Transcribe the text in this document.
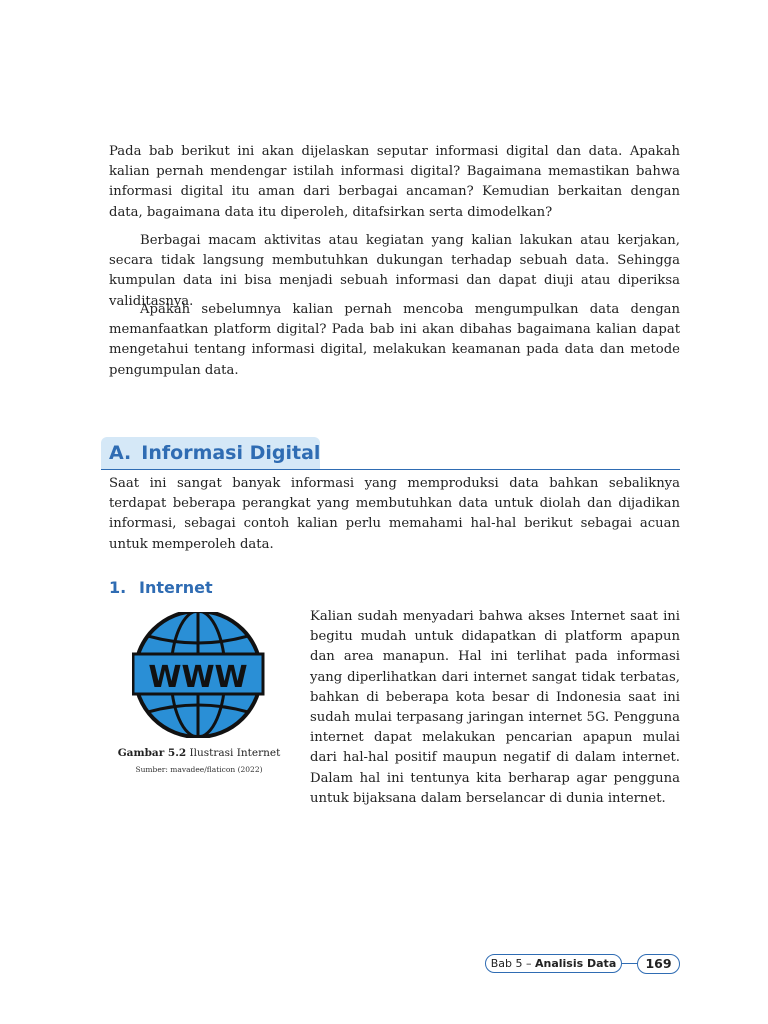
Pada bab berikut ini akan dijelaskan seputar informasi digital dan data. Apakah kalian pernah mendengar istilah informasi digital? Bagaimana memastikan bahwa informasi digital itu aman dari berbagai ancaman? Kemudian berkaitan dengan data, bagaimana data itu diperoleh, ditafsirkan serta dimodelkan?

Berbagai macam aktivitas atau kegiatan yang kalian lakukan atau kerjakan, secara tidak langsung membutuhkan dukungan terhadap sebuah data. Sehingga kumpulan data ini bisa menjadi sebuah informasi dan dapat diuji atau diperiksa validitasnya.

Apakah sebelumnya kalian pernah mencoba mengumpulkan data dengan memanfaatkan platform digital? Pada bab ini akan dibahas bagaimana kalian dapat mengetahui tentang informasi digital, melakukan keamanan pada data dan metode pengumpulan data.

A. Informasi Digital

Saat ini sangat banyak informasi yang memproduksi data bahkan sebaliknya terdapat beberapa perangkat yang membutuhkan data untuk diolah dan dijadikan informasi, sebagai contoh kalian perlu memahami hal-hal berikut sebagai acuan untuk memperoleh data.

1. Internet
WWW
Gambar 5.2 Ilustrasi Internet
Sumber: mavadee/flaticon (2022)

Kalian sudah menyadari bahwa akses Internet saat ini begitu mudah untuk didapatkan di platform apapun dan area manapun. Hal ini terlihat pada informasi yang diperlihatkan dari internet sangat tidak terbatas, bahkan di beberapa kota besar di Indonesia saat ini sudah mulai terpasang jaringan internet 5G. Pengguna internet dapat melakukan pencarian apapun mulai dari hal-hal positif maupun negatif di dalam internet. Dalam hal ini tentunya kita berharap agar pengguna untuk bijaksana dalam berselancar di dunia internet.

Bab 5 – Analisis Data	169
